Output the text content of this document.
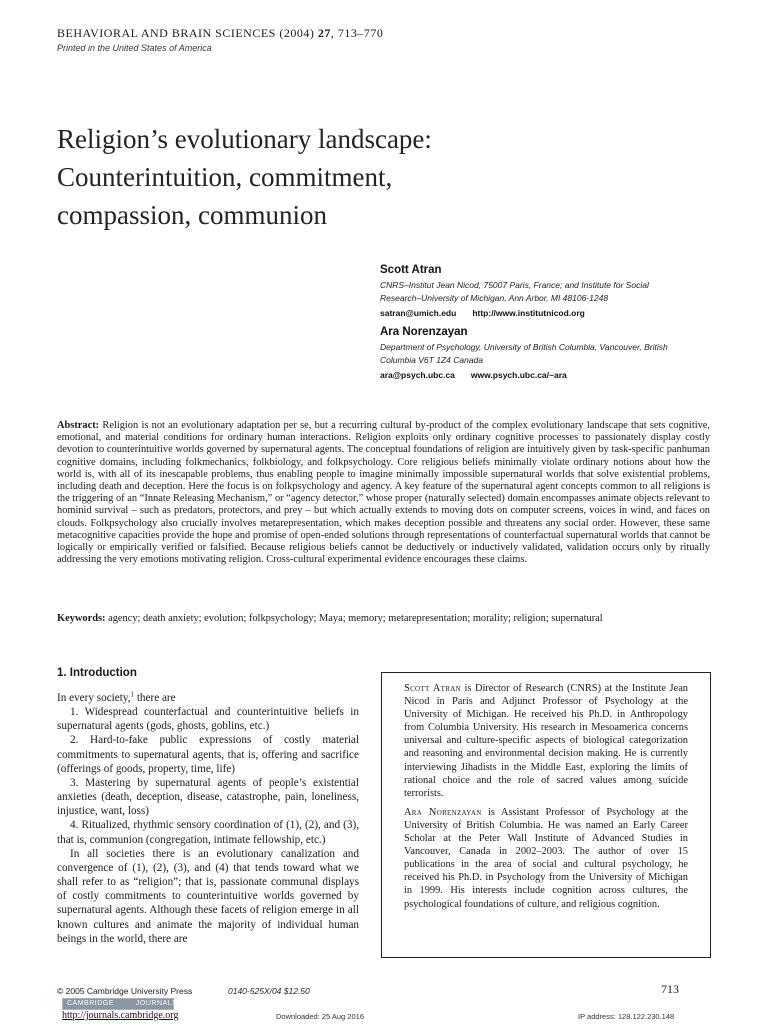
BEHAVIORAL AND BRAIN SCIENCES (2004) 27, 713–770
Printed in the United States of America
Religion’s evolutionary landscape:
Counterintuition, commitment,
compassion, communion
Scott Atran
CNRS–Institut Jean Nicod, 75007 Paris, France; and Institute for Social
Research–University of Michigan, Ann Arbor, MI 48106-1248
satran@umich.edu http://www.institutnicod.org
Ara Norenzayan
Department of Psychology, University of British Columbia, Vancouver, British
Columbia V6T 1Z4 Canada
ara@psych.ubc.ca www.psych.ubc.ca/~ara
Abstract: Religion is not an evolutionary adaptation per se, but a recurring cultural by-product of the complex evolutionary landscape that sets cognitive, emotional, and material conditions for ordinary human interactions. Religion exploits only ordinary cognitive processes to passionately display costly devotion to counterintuitive worlds governed by supernatural agents. The conceptual foundations of religion are intuitively given by task-specific panhuman cognitive domains, including folkmechanics, folkbiology, and folkpsychology. Core religious beliefs minimally violate ordinary notions about how the world is, with all of its inescapable problems, thus enabling people to imagine minimally impossible supernatural worlds that solve existential problems, including death and deception. Here the focus is on folkpsychology and agency. A key feature of the supernatural agent concepts common to all religions is the triggering of an “Innate Releasing Mechanism,” or “agency detector,” whose proper (naturally selected) domain encompasses animate objects relevant to hominid survival – such as predators, protectors, and prey – but which actually extends to moving dots on computer screens, voices in wind, and faces on clouds. Folkpsychology also crucially involves metarepresentation, which makes deception possible and threatens any social order. However, these same metacognitive capacities provide the hope and promise of open-ended solutions through representations of counterfactual supernatural worlds that cannot be logically or empirically verified or falsified. Because religious beliefs cannot be deductively or inductively validated, validation occurs only by ritually addressing the very emotions motivating religion. Cross-cultural experimental evidence encourages these claims.
Keywords: agency; death anxiety; evolution; folkpsychology; Maya; memory; metarepresentation; morality; religion; supernatural
1. Introduction

In every society,$^1$ there are

1. Widespread counterfactual and counterintuitive beliefs in supernatural agents (gods, ghosts, goblins, etc.)

2. Hard-to-fake public expressions of costly material commitments to supernatural agents, that is, offering and sacrifice (offerings of goods, property, time, life)

3. Mastering by supernatural agents of people’s existential anxieties (death, deception, disease, catastrophe, pain, loneliness, injustice, want, loss)

4. Ritualized, rhythmic sensory coordination of (1), (2), and (3), that is, communion (congregation, intimate fellowship, etc.)

In all societies there is an evolutionary canalization and convergence of (1), (2), (3), and (4) that tends toward what we shall refer to as “religion”; that is, passionate communal displays of costly commitments to counterintuitive worlds governed by supernatural agents. Although these facets of religion emerge in all known cultures and animate the majority of individual human beings in the world, there are

Scott Atran is Director of Research (CNRS) at the Institute Jean Nicod in Paris and Adjunct Professor of Psychology at the University of Michigan. He received his Ph.D. in Anthropology from Columbia University. His research in Mesoamerica concerns universal and culture-specific aspects of biological categorization and reasoning and environmental decision making. He is currently interviewing Jihadists in the Middle East, exploring the limits of rational choice and the role of sacred values among suicide terrorists.

Ara Norenzayan is Assistant Professor of Psychology at the University of British Columbia. He was named an Early Career Scholar at the Peter Wall Institute of Advanced Studies in Vancouver, Canada in 2002–2003. The author of over 15 publications in the area of social and cultural psychology, he received his Ph.D. in Psychology from the University of Michigan in 1999. His interests include cognition across cultures, the psychological foundations of culture, and religious cognition.

© 2005 Cambridge University Press	0140-525X/04 $12.50	713
CAMBRIDGE	JOURNALS
http://journals.cambridge.org	Downloaded: 25 Aug 2016	IP address: 128.122.230.148
